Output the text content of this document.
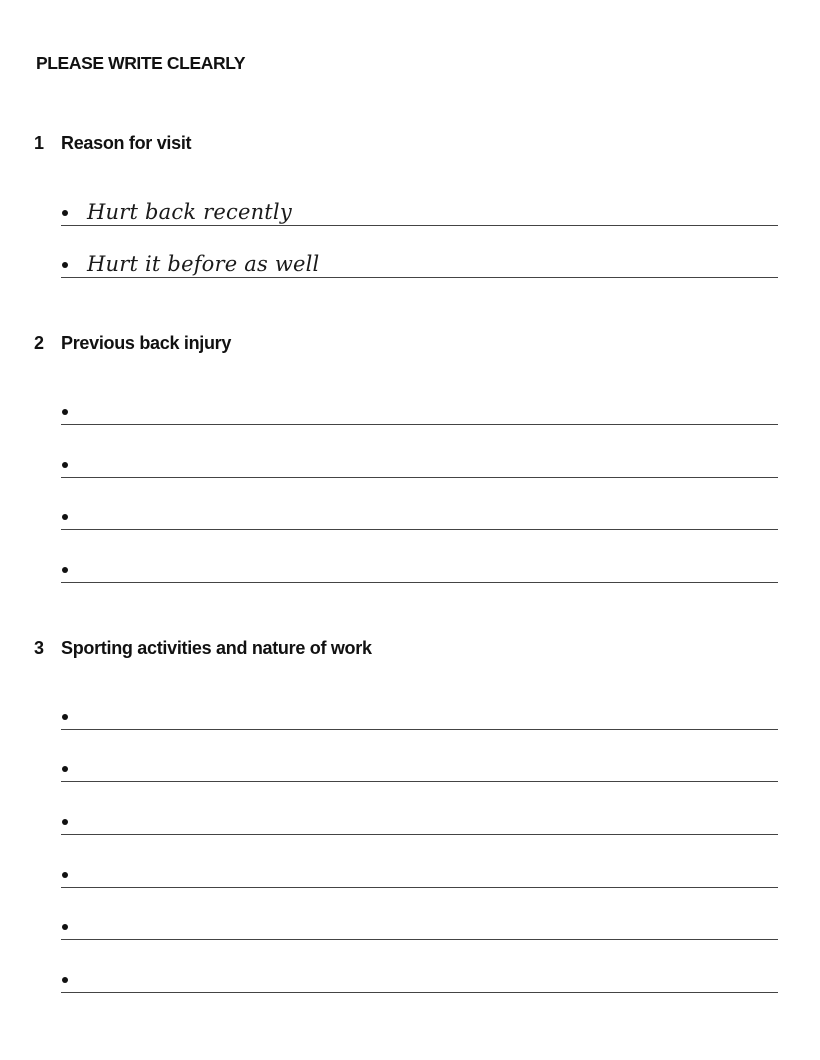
PLEASE WRITE CLEARLY
1 Reason for visit
Hurt back recently
Hurt it before as well
2 Previous back injury
3 Sporting activities and nature of work
